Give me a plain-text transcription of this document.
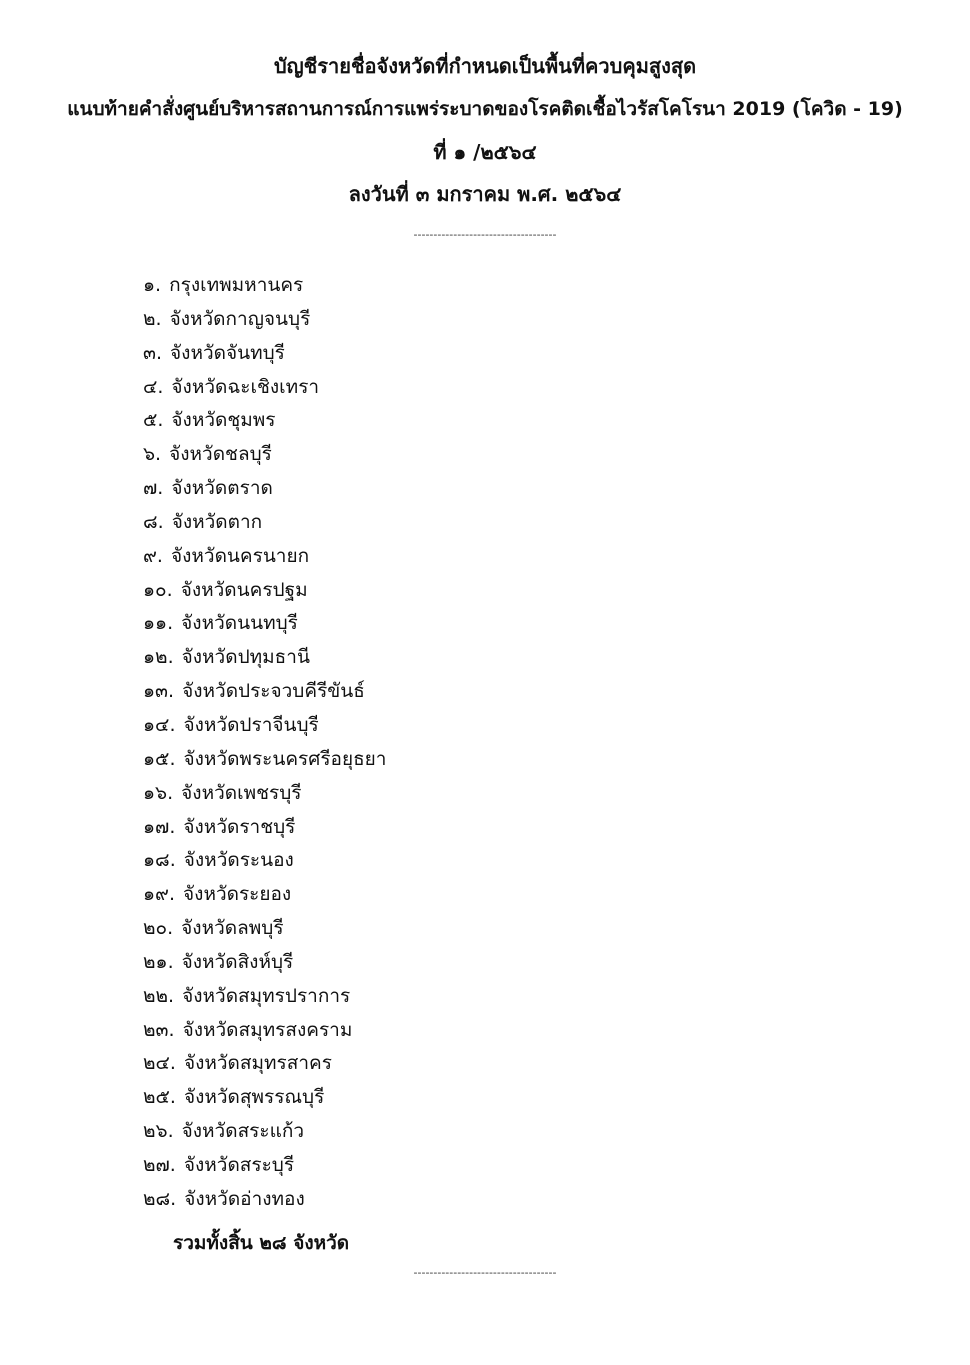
บัญชีรายชื่อจังหวัดที่กำหนดเป็นพื้นที่ควบคุมสูงสุด
แนบท้ายคำสั่งศูนย์บริหารสถานการณ์การแพร่ระบาดของโรคติดเชื้อไวรัสโคโรนา 2019 (โควิด - 19)
ที่ ๑ /๒๕๖๔
ลงวันที่ ๓ มกราคม พ.ศ. ๒๕๖๔
------------------------------------
๑. กรุงเทพมหานคร
๒. จังหวัดกาญจนบุรี
๓. จังหวัดจันทบุรี
๔. จังหวัดฉะเชิงเทรา
๕. จังหวัดชุมพร
๖. จังหวัดชลบุรี
๗. จังหวัดตราด
๘. จังหวัดตาก
๙. จังหวัดนครนายก
๑๐. จังหวัดนครปฐม
๑๑. จังหวัดนนทบุรี
๑๒. จังหวัดปทุมธานี
๑๓. จังหวัดประจวบคีรีขันธ์
๑๔. จังหวัดปราจีนบุรี
๑๕. จังหวัดพระนครศรีอยุธยา
๑๖. จังหวัดเพชรบุรี
๑๗. จังหวัดราชบุรี
๑๘. จังหวัดระนอง
๑๙. จังหวัดระยอง
๒๐. จังหวัดลพบุรี
๒๑. จังหวัดสิงห์บุรี
๒๒. จังหวัดสมุทรปราการ
๒๓. จังหวัดสมุทรสงคราม
๒๔. จังหวัดสมุทรสาคร
๒๕. จังหวัดสุพรรณบุรี
๒๖. จังหวัดสระแก้ว
๒๗. จังหวัดสระบุรี
๒๘. จังหวัดอ่างทอง
รวมทั้งสิ้น ๒๘ จังหวัด
------------------------------------
